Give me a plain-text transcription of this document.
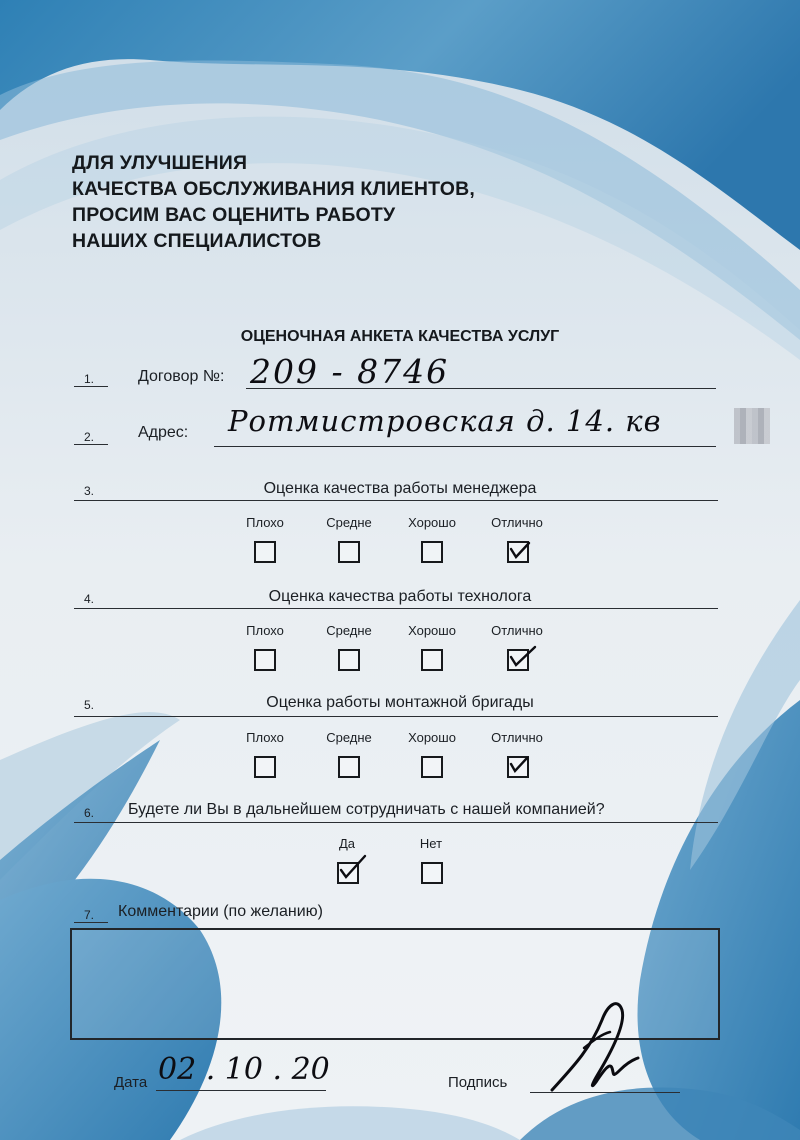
ДЛЯ УЛУЧШЕНИЯ
КАЧЕСТВА ОБСЛУЖИВАНИЯ КЛИЕНТОВ,
ПРОСИМ ВАС ОЦЕНИТЬ РАБОТУ
НАШИХ СПЕЦИАЛИСТОВ
ОЦЕНОЧНАЯ АНКЕТА КАЧЕСТВА УСЛУГ
1.	Договор №: 209 - 8746
2.	Адрес: Ротмистровская д. 14. кв
3.	Оценка качества работы менеджера
Плохо	Средне	Хорошо	Отлично
4.	Оценка качества работы технолога
Плохо	Средне	Хорошо	Отлично
5.	Оценка работы монтажной бригады
Плохо	Средне	Хорошо	Отлично
6. Будете ли Вы в дальнейшем сотрудничать с нашей компанией?
Да	Нет
7. Комментарии (по желанию)
Дата 02 . 10 . 20	Подпись
